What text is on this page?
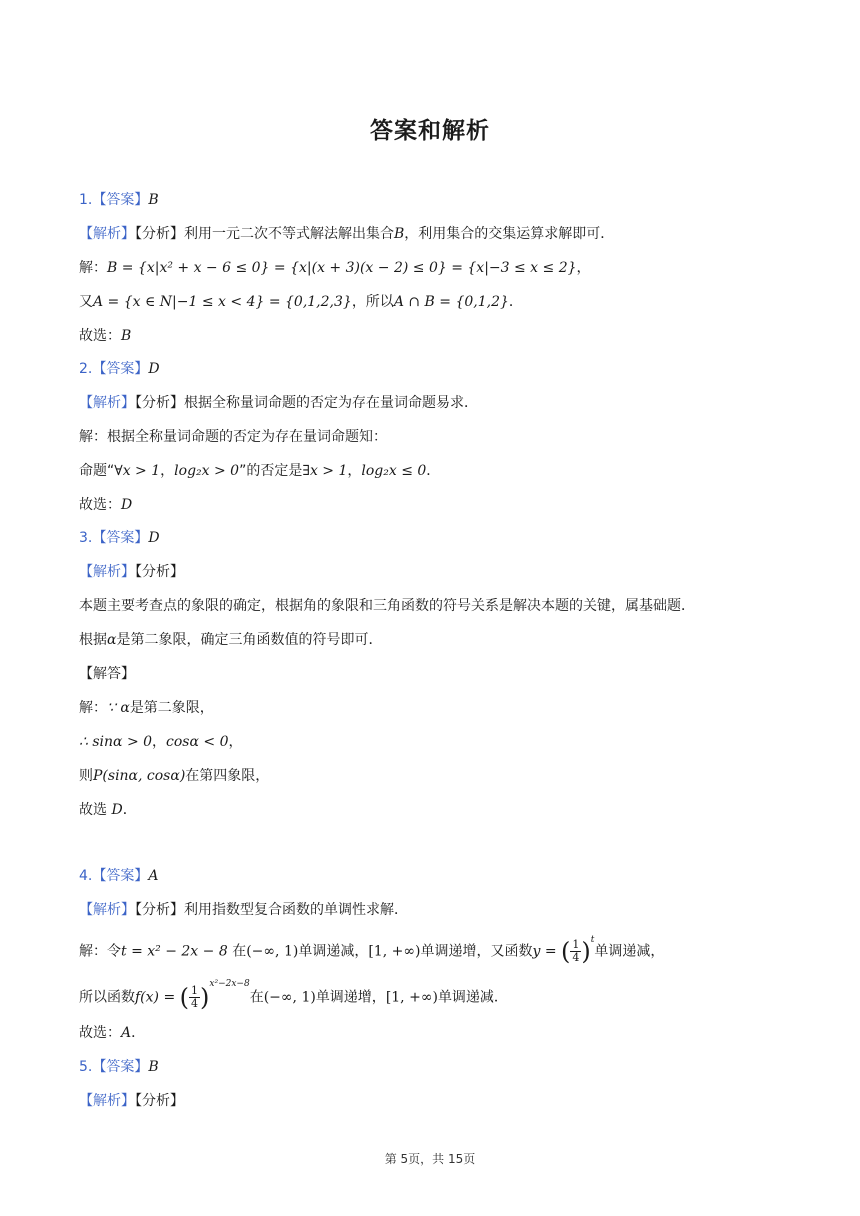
答案和解析
1.【答案】B
【解析】【分析】利用一元二次不等式解法解出集合B，利用集合的交集运算求解即可．
解：B = {x|x² + x − 6 ≤ 0} = {x|(x + 3)(x − 2) ≤ 0} = {x|−3 ≤ x ≤ 2}，
又A = {x ∈ N|−1 ≤ x < 4} = {0,1,2,3}，所以A ∩ B = {0,1,2}．
故选：B
2.【答案】D
【解析】【分析】根据全称量词命题的否定为存在量词命题易求．
解：根据全称量词命题的否定为存在量词命题知：
命题“∀x > 1，log₂x > 0”的否定是∃x > 1，log₂x ≤ 0．
故选：D
3.【答案】D
【解析】【分析】
本题主要考查点的象限的确定，根据角的象限和三角函数的符号关系是解决本题的关键，属基础题．
根据α是第二象限，确定三角函数值的符号即可．
【解答】
解：∵ α是第二象限，
∴ sinα > 0，cosα < 0，
则P(sinα, cosα)在第四象限，
故选 D．
4.【答案】A
【解析】【分析】利用指数型复合函数的单调性求解．
解：令t = x² − 2x − 8 在(−∞, 1)单调递减，[1, +∞)单调递增，又函数y = ( $\frac{1}{4} )^t$单调递减，
所以函数f(x) = ( $\frac{1}{4} )^{x^2-2x-8}$在(−∞, 1)单调递增，[1, +∞)单调递减．
故选：A．
5.【答案】B
【解析】【分析】
第 5页，共 15页
